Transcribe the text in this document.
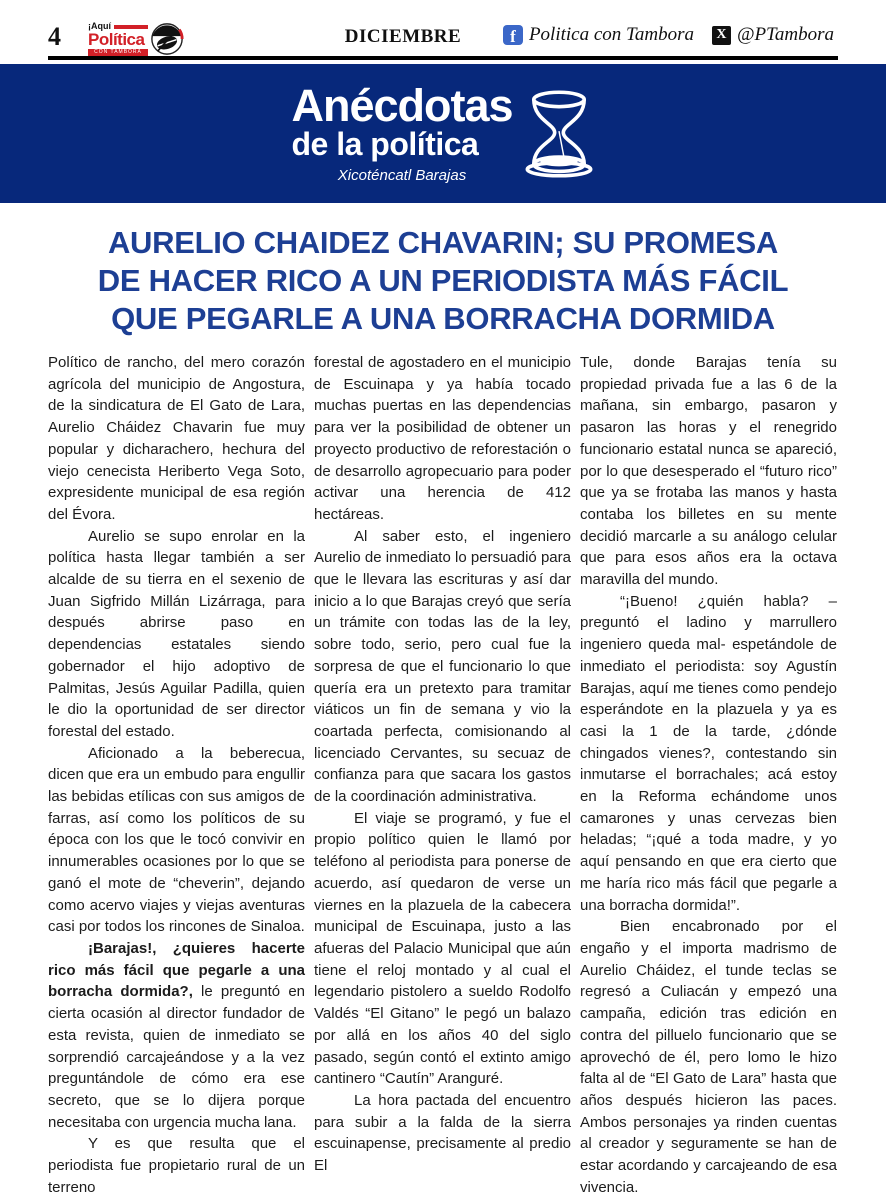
4	¡Aquí
Política
CON TAMBORA
DICIEMBRE	f Politica con Tambora	X @PTambora
Anécdotas
de la política
Xicoténcatl Barajas
AURELIO CHAIDEZ CHAVARIN; SU PROMESA
DE HACER RICO A UN PERIODISTA MÁS FÁCIL
QUE PEGARLE A UNA BORRACHA DORMIDA

Político de rancho, del mero corazón agrícola del municipio de Angostura, de la sindicatura de El Gato de Lara, Aurelio Cháidez Chavarin fue muy popular y dicharachero, hechura del viejo cenecista Heriberto Vega Soto, expresidente municipal de esa región del Évora.

Aurelio se supo enrolar en la política hasta llegar también a ser alcalde de su tierra en el sexenio de Juan Sigfrido Millán Lizárraga, para después abrirse paso en dependencias estatales siendo gobernador el hijo adoptivo de Palmitas, Jesús Aguilar Padilla, quien le dio la oportunidad de ser director forestal del estado.

Aficionado a la beberecua, dicen que era un embudo para engullir las bebidas etílicas con sus amigos de farras, así como los políticos de su época con los que le tocó convivir en innumerables ocasiones por lo que se ganó el mote de “cheverin”, dejando como acervo viajes y viejas aventuras casi por todos los rincones de Sinaloa.

¡Barajas!, ¿quieres hacerte rico más fácil que pegarle a una borracha dormida?, le preguntó en cierta ocasión al director fundador de esta revista, quien de inmediato se sorprendió carcajeándose y a la vez preguntándole de cómo era ese secreto, que se lo dijera porque necesitaba con urgencia mucha lana.

Y es que resulta que el periodista fue propietario rural de un terreno

forestal de agostadero en el municipio de Escuinapa y ya había tocado muchas puertas en las dependencias para ver la posibilidad de obtener un proyecto productivo de reforestación o de desarrollo agropecuario para poder activar una herencia de 412 hectáreas.

Al saber esto, el ingeniero Aurelio de inmediato lo persuadió para que le llevara las escrituras y así dar inicio a lo que Barajas creyó que sería un trámite con todas las de la ley, sobre todo, serio, pero cual fue la sorpresa de que el funcionario lo que quería era un pretexto para tramitar viáticos un fin de semana y vio la coartada perfecta, comisionando al licenciado Cervantes, su secuaz de confianza para que sacara los gastos de la coordinación administrativa.

El viaje se programó, y fue el propio político quien le llamó por teléfono al periodista para ponerse de acuerdo, así quedaron de verse un viernes en la plazuela de la cabecera municipal de Escuinapa, justo a las afueras del Palacio Municipal que aún tiene el reloj montado y al cual el legendario pistolero a sueldo Rodolfo Valdés “El Gitano” le pegó un balazo por allá en los años 40 del siglo pasado, según contó el extinto amigo cantinero “Cautín” Aranguré.

La hora pactada del encuentro para subir a la falda de la sierra escuinapense, precisamente al predio El

Tule, donde Barajas tenía su propiedad privada fue a las 6 de la mañana, sin embargo, pasaron y pasaron las horas y el renegrido funcionario estatal nunca se apareció, por lo que desesperado el “futuro rico” que ya se frotaba las manos y hasta contaba los billetes en su mente decidió marcarle a su análogo celular que para esos años era la octava maravilla del mundo.

“¡Bueno! ¿quién habla? – preguntó el ladino y marrullero ingeniero queda mal- espetándole de inmediato el periodista: soy Agustín Barajas, aquí me tienes como pendejo esperándote en la plazuela y ya es casi la 1 de la tarde, ¿dónde chingados vienes?, contestando sin inmutarse el borrachales; acá estoy en la Reforma echándome unos camarones y unas cervezas bien heladas; “¡qué a toda madre, y yo aquí pensando en que era cierto que me haría rico más fácil que pegarle a una borracha dormida!”.

Bien encabronado por el engaño y el importa madrismo de Aurelio Cháidez, el tunde teclas se regresó a Culiacán y empezó una campaña, edición tras edición en contra del pilluelo funcionario que se aprovechó de él, pero lomo le hizo falta al de “El Gato de Lara” hasta que años después hicieron las paces. Ambos personajes ya rinden cuentas al creador y seguramente se han de estar acordando y carcajeando de esa vivencia.
